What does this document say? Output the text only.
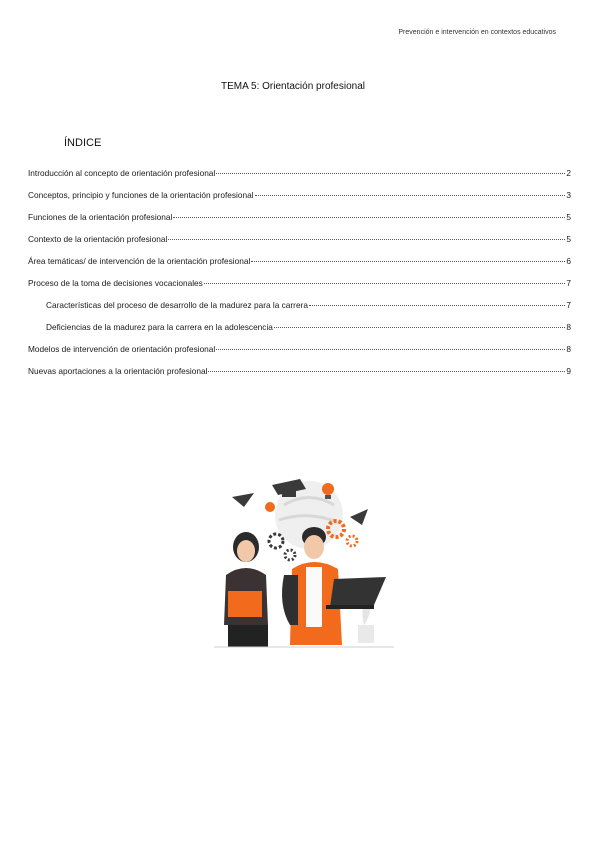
Prevención e intervención en contextos educativos
TEMA 5: Orientación profesional
ÍNDICE
Introducción al concepto de orientación profesional	2
Conceptos, principio y funciones de la orientación profesional	3
Funciones de la orientación profesional	5
Contexto de la orientación profesional	5
Área temáticas/ de intervención de la orientación profesional	6
Proceso de la toma de decisiones vocacionales	7
Características del proceso de desarrollo de la madurez para la carrera	7
Deficiencias de la madurez para la carrera en la adolescencia	8
Modelos de intervención de orientación profesional	8
Nuevas aportaciones a la orientación profesional	9
